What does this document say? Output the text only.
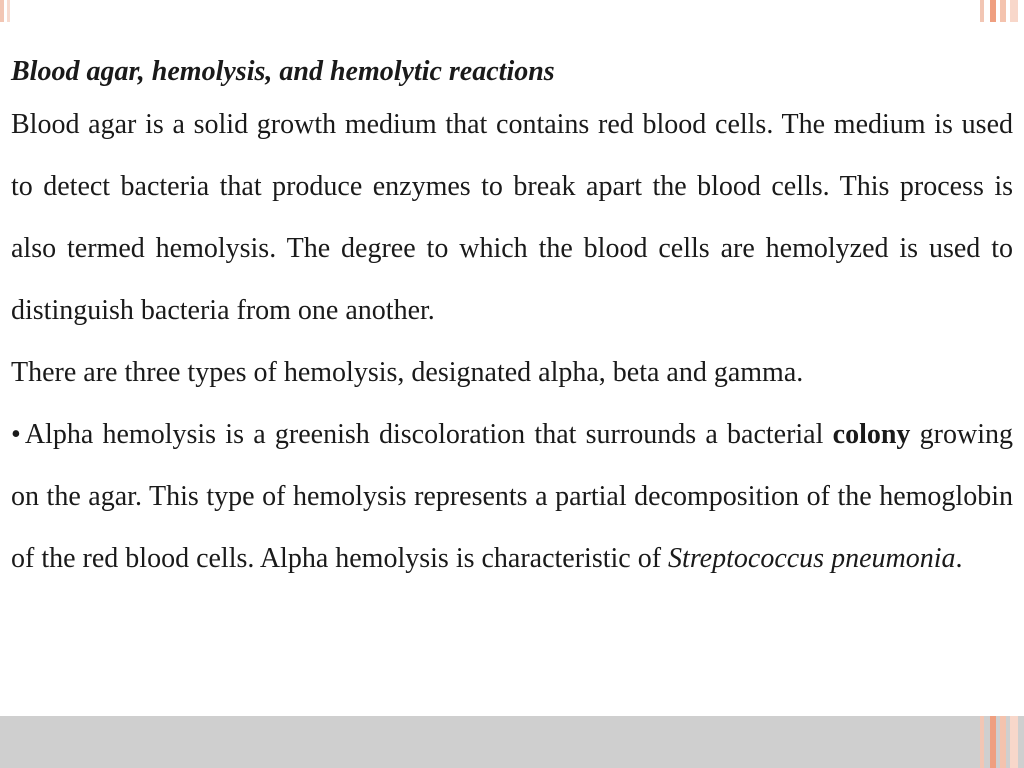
Blood agar, hemolysis, and hemolytic reactions

Blood agar is a solid growth medium that contains red blood cells. The medium is used to detect bacteria that produce enzymes to break apart the blood cells. This process is also termed hemolysis. The degree to which the blood cells are hemolyzed is used to distinguish bacteria from one another.

There are three types of hemolysis, designated alpha, beta and gamma.

• Alpha hemolysis is a greenish discoloration that surrounds a bacterial colony growing on the agar. This type of hemolysis represents a partial decomposition of the hemoglobin of the red blood cells. Alpha hemolysis is characteristic of Streptococcus pneumonia.
